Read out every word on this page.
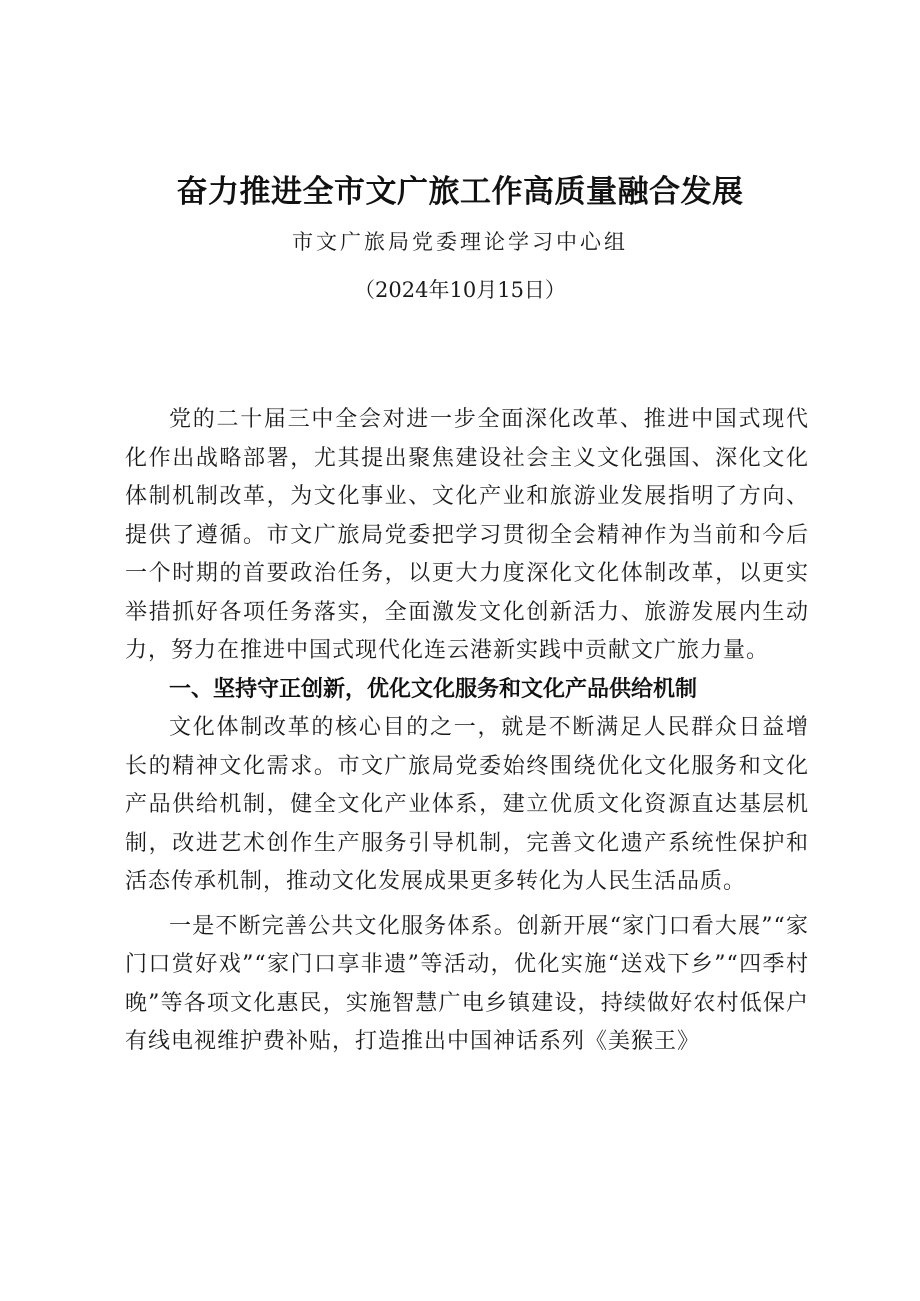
奋力推进全市文广旅工作高质量融合发展
市文广旅局党委理论学习中心组
（2024年10月15日）

党的二十届三中全会对进一步全面深化改革、推进中国式现代化作出战略部署，尤其提出聚焦建设社会主义文化强国、深化文化体制机制改革，为文化事业、文化产业和旅游业发展指明了方向、提供了遵循。市文广旅局党委把学习贯彻全会精神作为当前和今后一个时期的首要政治任务，以更大力度深化文化体制改革，以更实举措抓好各项任务落实，全面激发文化创新活力、旅游发展内生动力，努力在推进中国式现代化连云港新实践中贡献文广旅力量。

一、坚持守正创新，优化文化服务和文化产品供给机制

文化体制改革的核心目的之一，就是不断满足人民群众日益增长的精神文化需求。市文广旅局党委始终围绕优化文化服务和文化产品供给机制，健全文化产业体系，建立优质文化资源直达基层机制，改进艺术创作生产服务引导机制，完善文化遗产系统性保护和活态传承机制，推动文化发展成果更多转化为人民生活品质。

一是不断完善公共文化服务体系。创新开展“家门口看大展”“家门口赏好戏”“家门口享非遗”等活动，优化实施“送戏下乡”“四季村晚”等各项文化惠民，实施智慧广电乡镇建设，持续做好农村低保户有线电视维护费补贴，打造推出中国神话系列《美猴王》
